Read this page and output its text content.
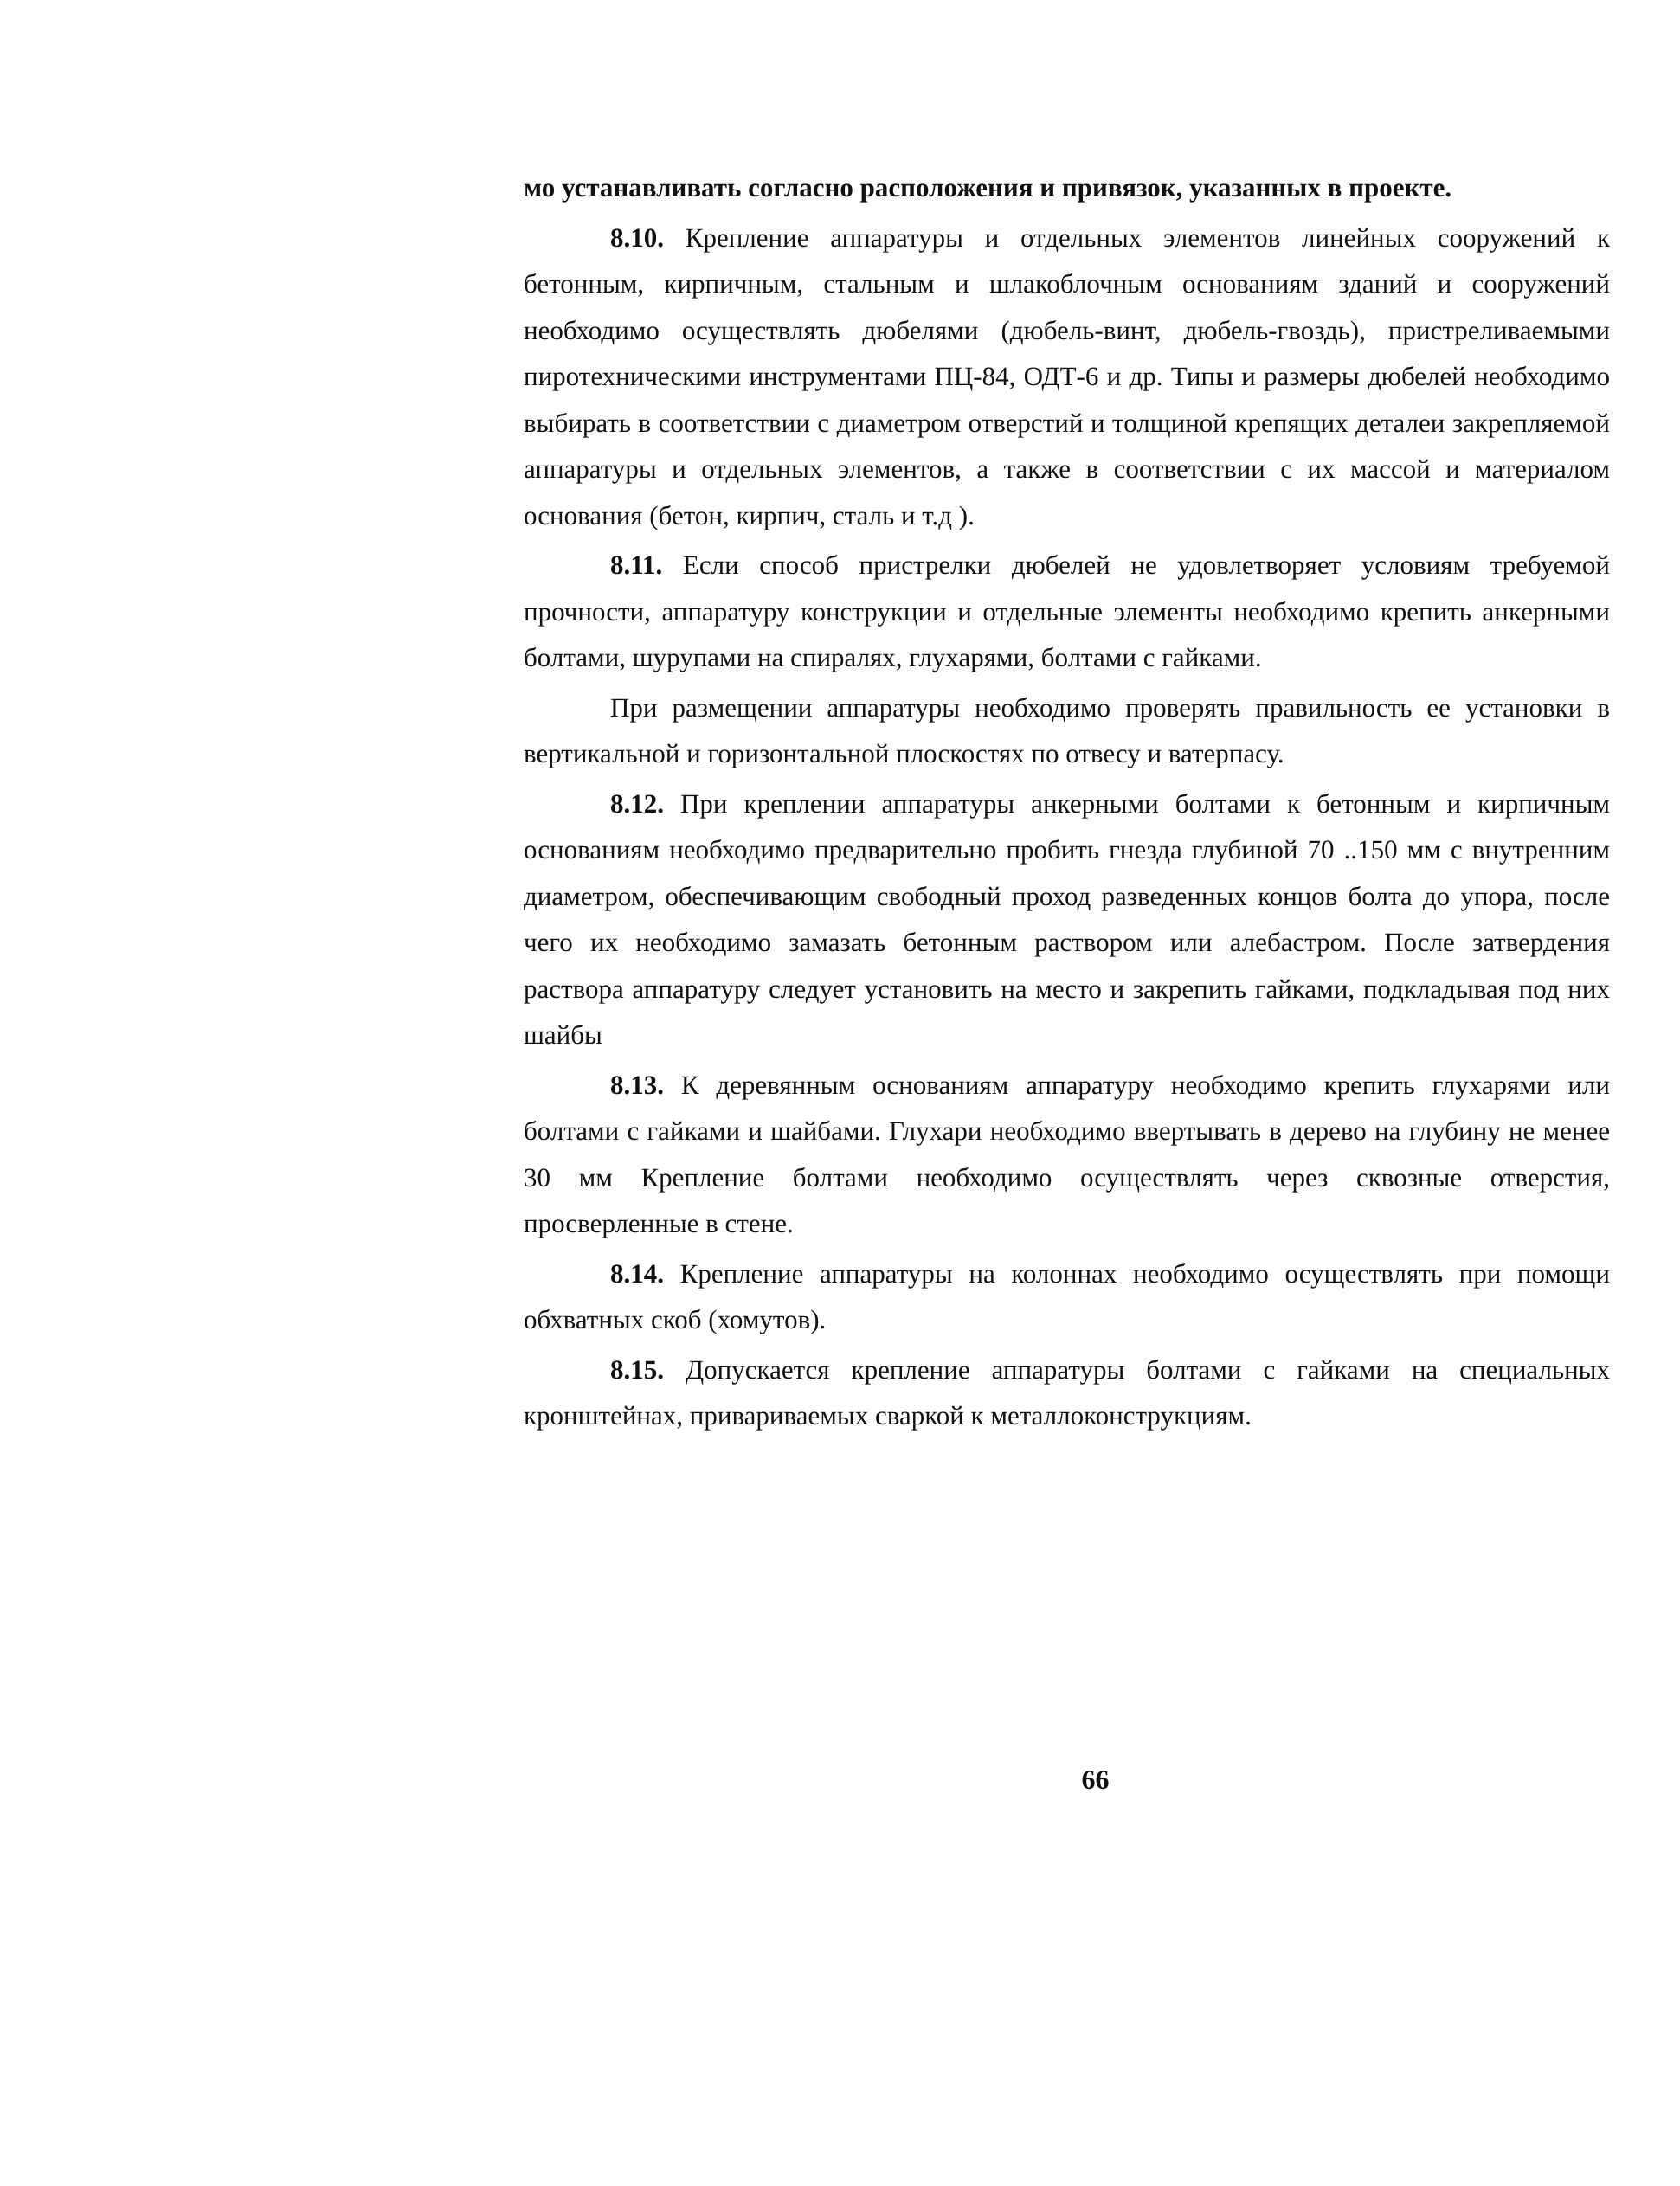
мо устанавливать согласно расположения и привязок, указанных в проекте.

8.10. Крепление аппаратуры и отдельных элементов линейных сооружений к бетонным, кирпичным, стальным и шлакоблочным основаниям зданий и сооружений необходимо осуществлять дюбелями (дюбель-винт, дюбель-гвоздь), пристреливаемыми пиротехническими инструментами ПЦ-84, ОДТ-6 и др. Типы и размеры дюбелей необходимо выбирать в соответствии с диаметром отверстий и толщиной крепящих деталеи закрепляемой аппаратуры и отдельных элементов, а также в соответствии с их массой и материалом основания (бетон, кирпич, сталь и т.д ).

8.11. Если способ пристрелки дюбелей не удовлетворяет условиям требуемой прочности, аппаратуру конструкции и отдельные элементы необходимо крепить анкерными болтами, шурупами на спиралях, глухарями, болтами с гайками.

При размещении аппаратуры необходимо проверять правильность ее установки в вертикальной и горизонтальной плоскостях по отвесу и ватерпасу.

8.12. При креплении аппаратуры анкерными болтами к бетонным и кирпичным основаниям необходимо предварительно пробить гнезда глубиной 70 ..150 мм с внутренним диаметром, обеспечивающим свободный проход разведенных концов болта до упора, после чего их необходимо замазать бетонным раствором или алебастром. После затвердения раствора аппаратуру следует установить на место и закрепить гайками, подкладывая под них шайбы

8.13. К деревянным основаниям аппаратуру необходимо крепить глухарями или болтами с гайками и шайбами. Глухари необходимо ввертывать в дерево на глубину не менее 30 мм Крепление болтами необходимо осуществлять через сквозные отверстия, просверленные в стене.

8.14. Крепление аппаратуры на колоннах необходимо осуществлять при помощи обхватных скоб (хомутов).

8.15. Допускается крепление аппаратуры болтами с гайками на специальных кронштейнах, привариваемых сваркой к металлоконструкциям.

66
